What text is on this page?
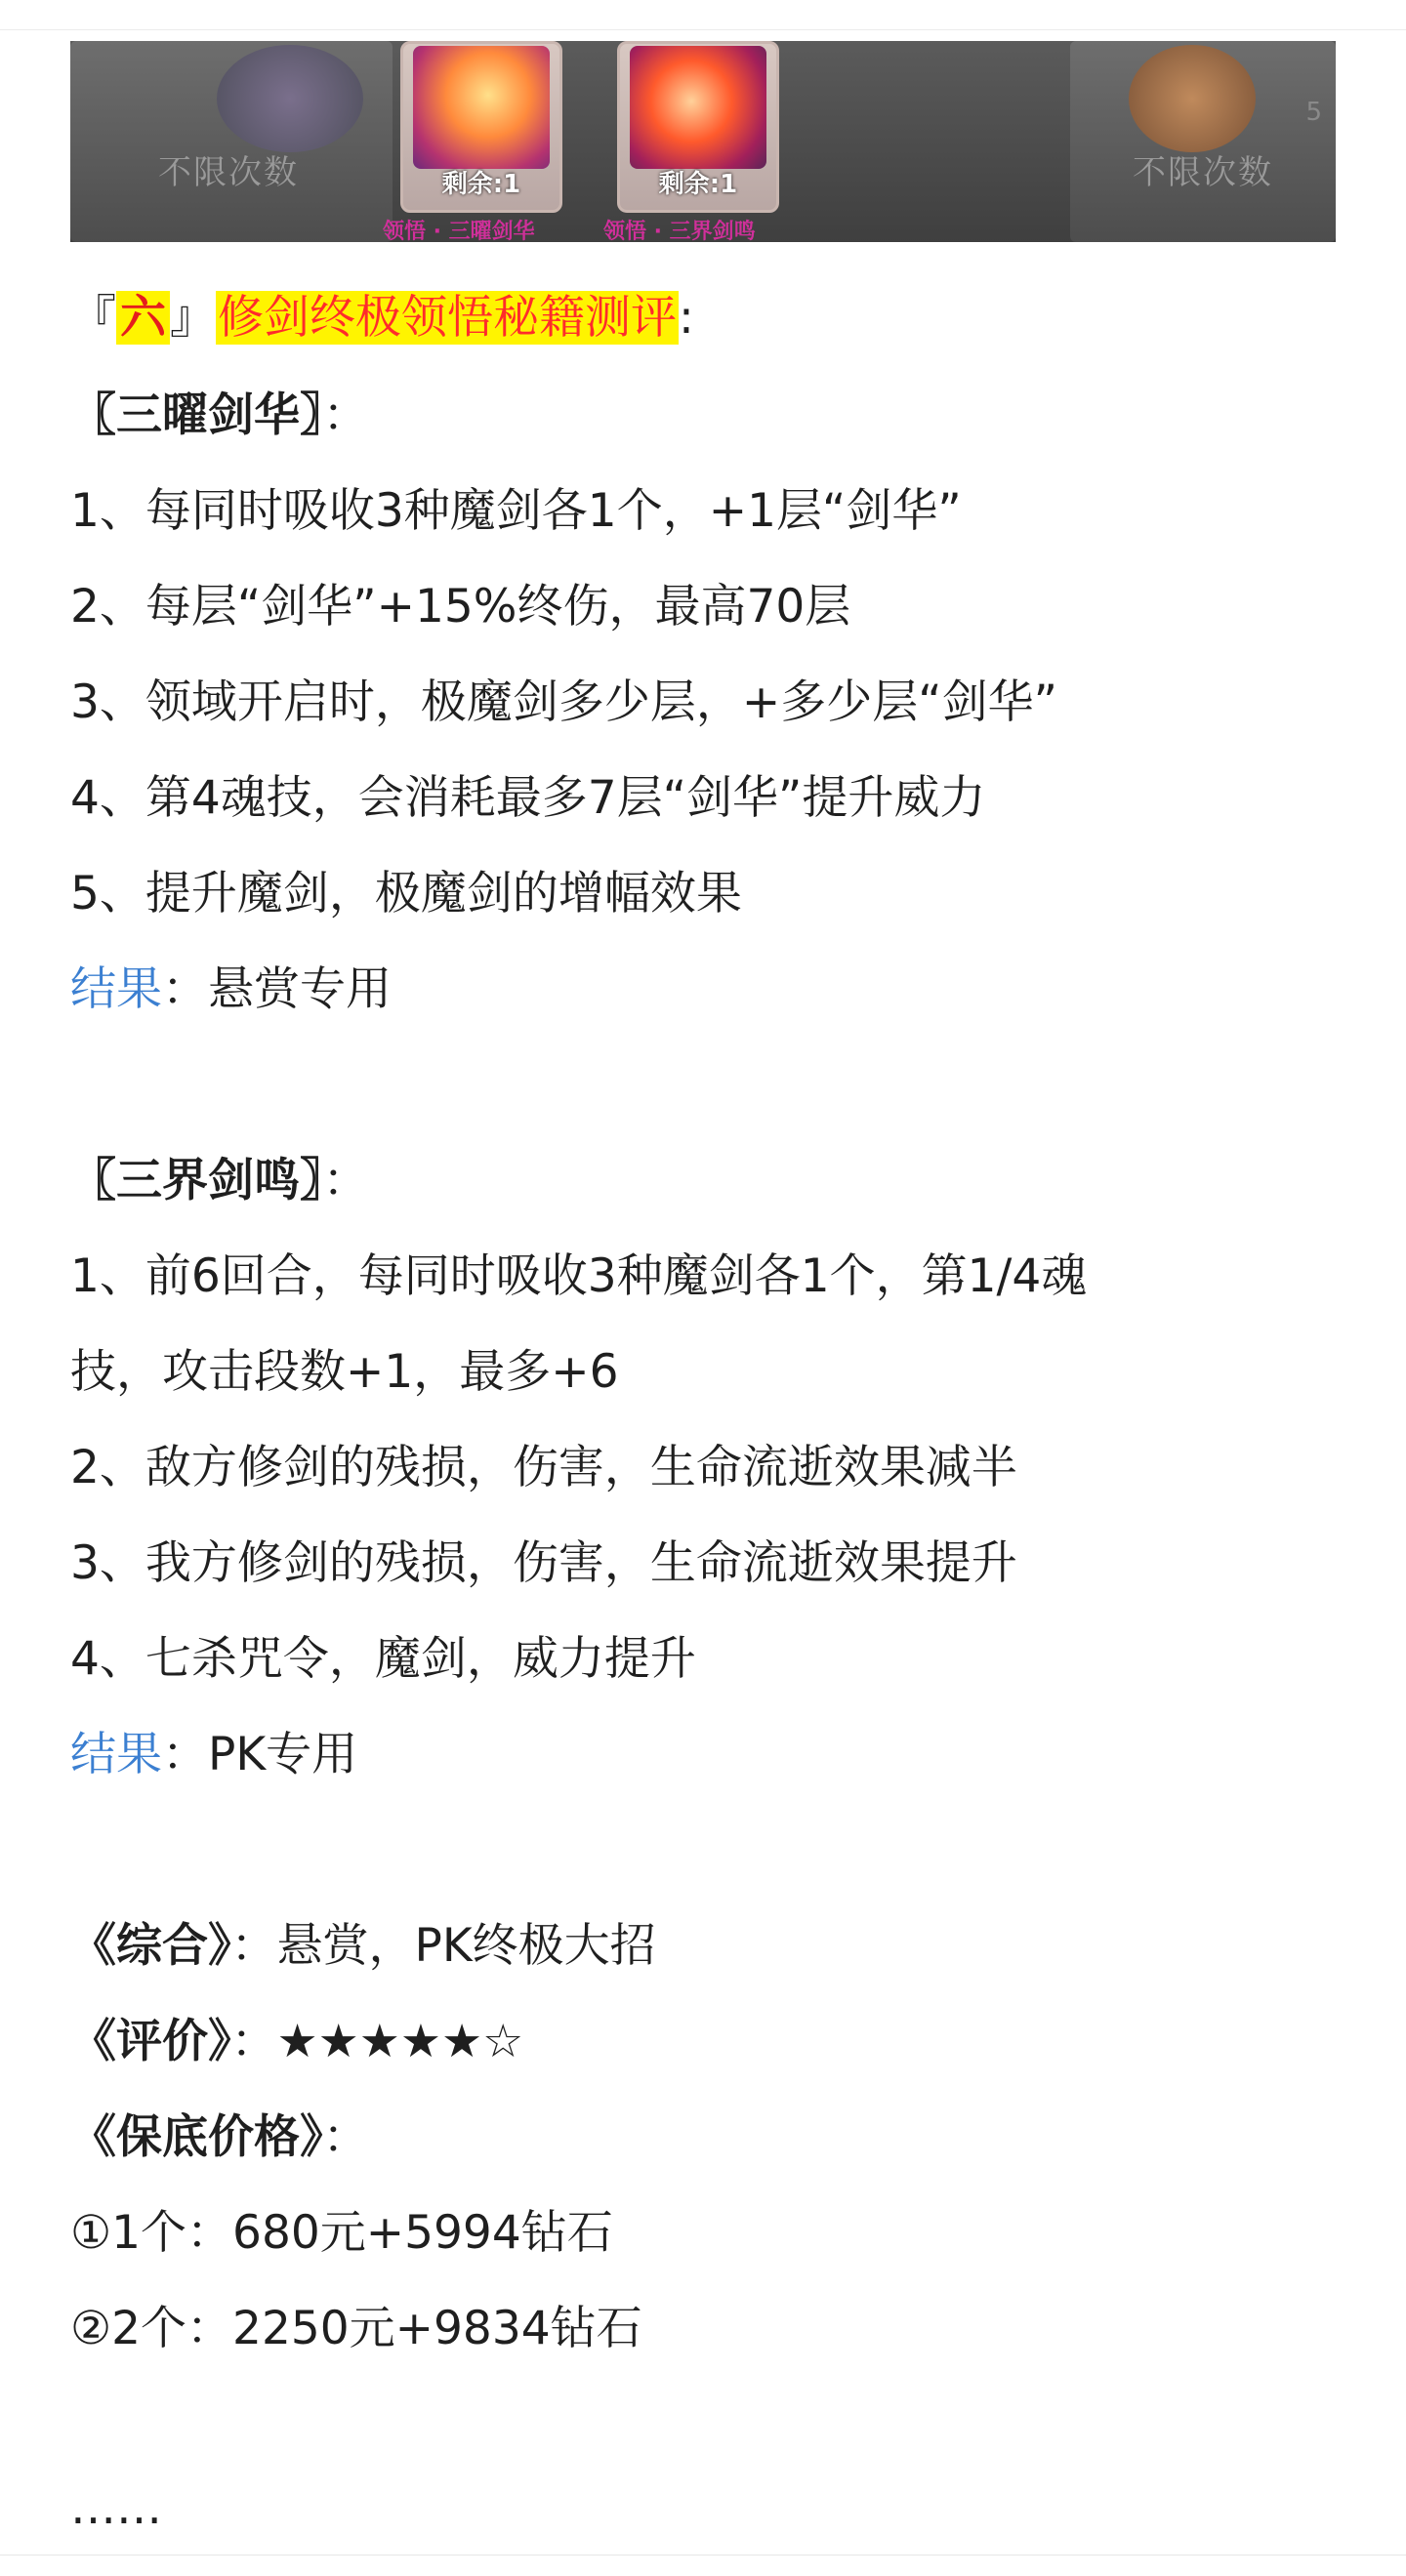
不限次数	剩余:1
领悟 · 三曜剑华
剩余:1
领悟 · 三界剑鸣
5
不限次数
『六』修剑终极领悟秘籍测评:
〖三曜剑华〗：
1、每同时吸收3种魔剑各1个，+1层“剑华”
2、每层“剑华”+15%终伤，最高70层
3、领域开启时，极魔剑多少层，+多少层“剑华”
4、第4魂技，会消耗最多7层“剑华”提升威力
5、提升魔剑，极魔剑的增幅效果
结果：悬赏专用
〖三界剑鸣〗：
1、前6回合，每同时吸收3种魔剑各1个，第1/4魂
技，攻击段数+1，最多+6
2、敌方修剑的残损，伤害，生命流逝效果减半
3、我方修剑的残损，伤害，生命流逝效果提升
4、七杀咒令，魔剑，威力提升
结果：PK专用
《综合》：悬赏，PK终极大招
《评价》：★★★★★☆
《保底价格》：
①1个：680元+5994钻石
②2个：2250元+9834钻石
……
